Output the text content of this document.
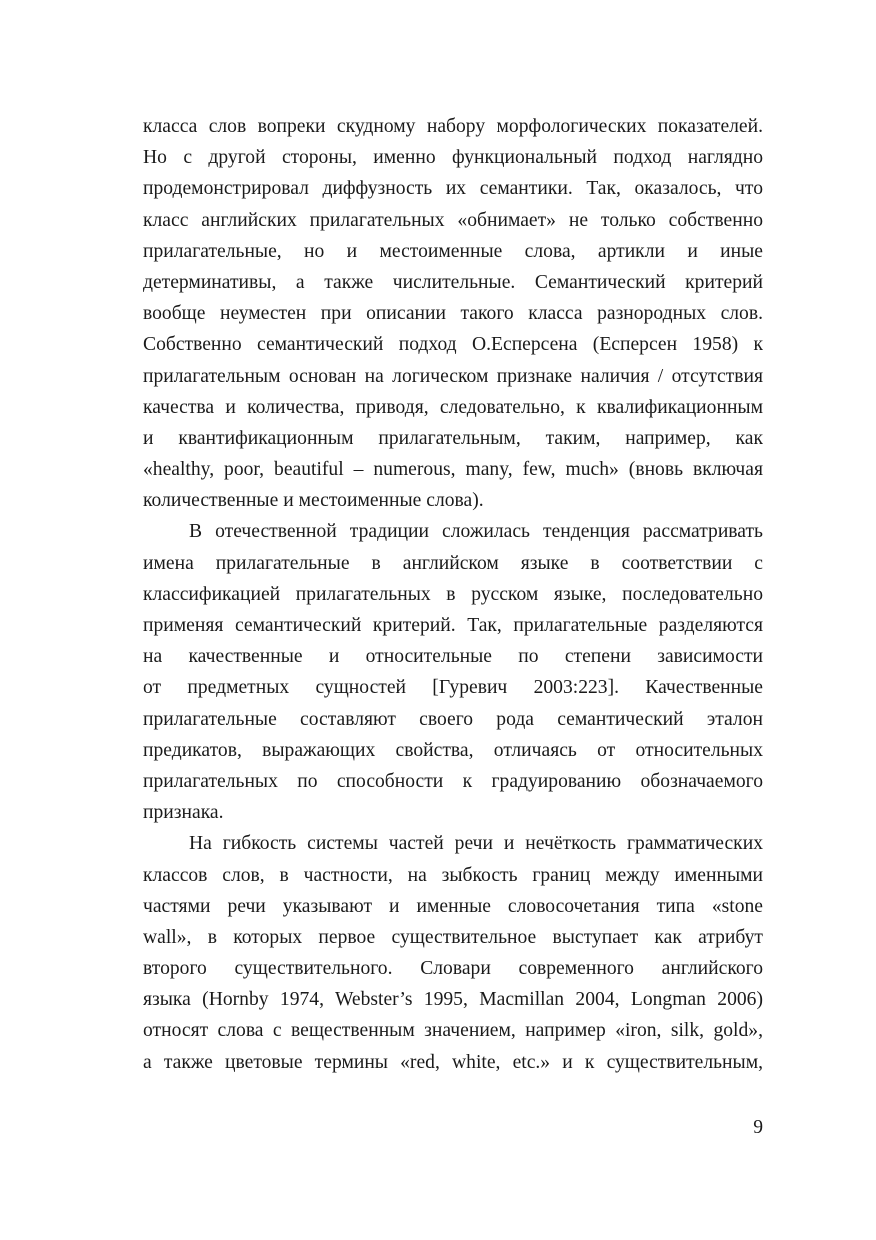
класса слов вопреки скудному набору морфологических показателей.
Но с другой стороны, именно функциональный подход наглядно
продемонстрировал диффузность их семантики. Так, оказалось, что
класс английских прилагательных «обнимает» не только собственно
прилагательные, но и местоименные слова, артикли и иные
детерминативы, а также числительные. Семантический критерий
вообще неуместен при описании такого класса разнородных слов.
Собственно семантический подход О.Есперсена (Есперсен 1958) к
прилагательным основан на логическом признаке наличия / отсутствия
качества и количества, приводя, следовательно, к квалификационным
и квантификационным прилагательным, таким, например, как
«healthy, poor, beautiful – numerous, many, few, much» (вновь включая
количественные и местоименные слова).
В отечественной традиции сложилась тенденция рассматривать
имена прилагательные в английском языке в соответствии с
классификацией прилагательных в русском языке, последовательно
применяя семантический критерий. Так, прилагательные разделяются
на качественные и относительные по степени зависимости
от предметных сущностей [Гуревич 2003:223]. Качественные
прилагательные составляют своего рода семантический эталон
предикатов, выражающих свойства, отличаясь от относительных
прилагательных по способности к градуированию обозначаемого
признака.
На гибкость системы частей речи и нечёткость грамматических
классов слов, в частности, на зыбкость границ между именными
частями речи указывают и именные словосочетания типа «stone
wall», в которых первое существительное выступает как атрибут
второго существительного. Словари современного английского
языка (Hornby 1974, Webster’s 1995, Macmillan 2004, Longman 2006)
относят слова с вещественным значением, например «iron, silk, gold»,
а также цветовые термины «red, white, etc.» и к существительным,
9
